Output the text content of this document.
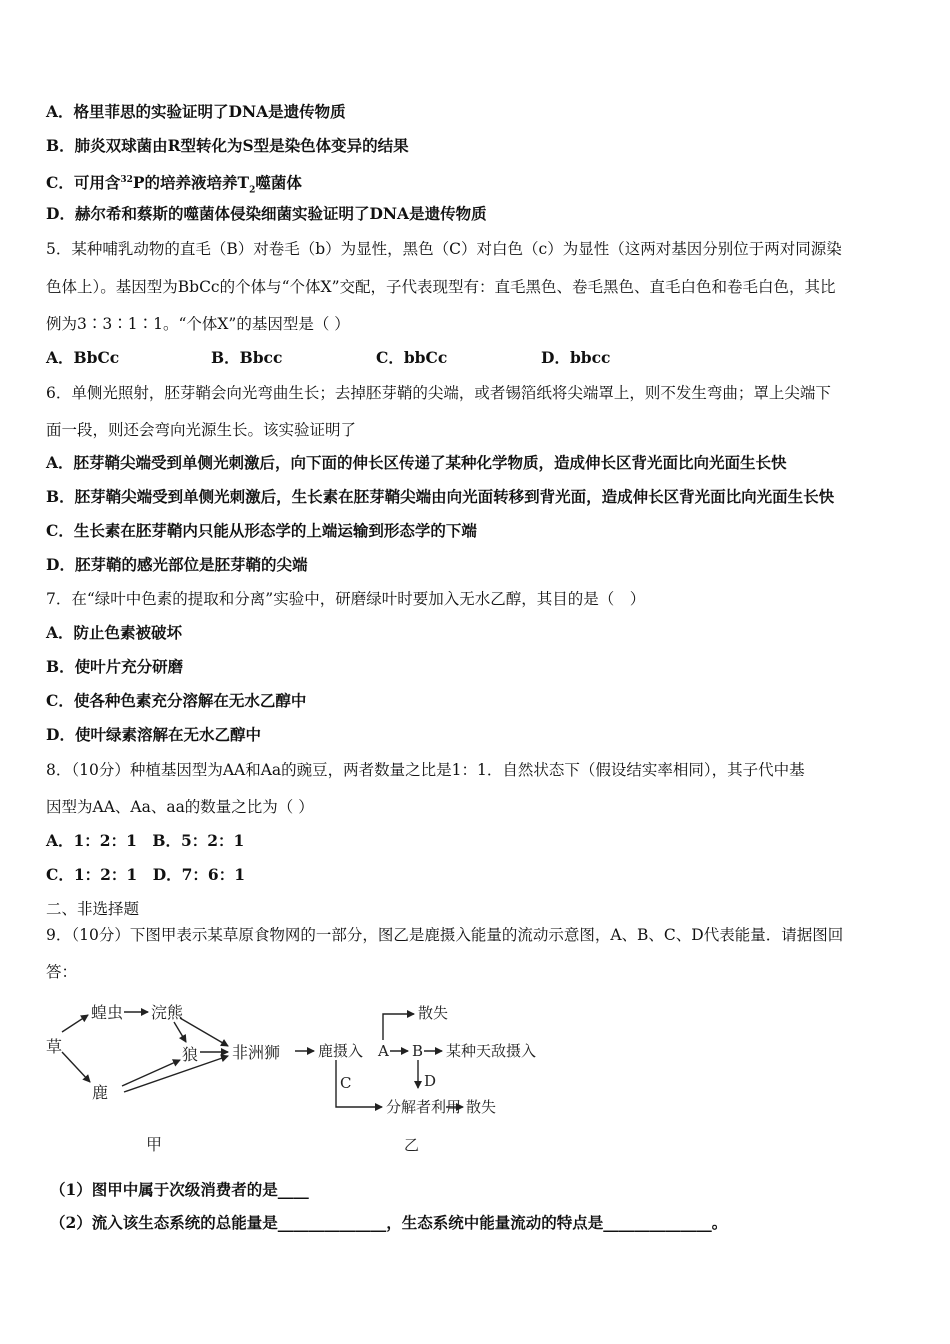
A．格里菲思的实验证明了DNA是遗传物质
B．肺炎双球菌由R型转化为S型是染色体变异的结果
C．可用含$^{32}$P的培养液培养$T_2$噬菌体
D．赫尔希和蔡斯的噬菌体侵染细菌实验证明了DNA是遗传物质
5．某种哺乳动物的直毛（B）对卷毛（b）为显性，黑色（C）对白色（c）为显性（这两对基因分别位于两对同源染
色体上）。基因型为BbCc的个体与“个体X”交配，子代表现型有：直毛黑色、卷毛黑色、直毛白色和卷毛白色，其比
例为3∶3∶1∶1。“个体X”的基因型是（ ）
A．BbCc	B．Bbcc	C．bbCc	D．bbcc
6．单侧光照射，胚芽鞘会向光弯曲生长；去掉胚芽鞘的尖端，或者锡箔纸将尖端罩上，则不发生弯曲；罩上尖端下
面一段，则还会弯向光源生长。该实验证明了
A．胚芽鞘尖端受到单侧光刺激后，向下面的伸长区传递了某种化学物质，造成伸长区背光面比向光面生长快
B．胚芽鞘尖端受到单侧光刺激后，生长素在胚芽鞘尖端由向光面转移到背光面，造成伸长区背光面比向光面生长快
C．生长素在胚芽鞘内只能从形态学的上端运输到形态学的下端
D．胚芽鞘的感光部位是胚芽鞘的尖端
7．在“绿叶中色素的提取和分离”实验中，研磨绿叶时要加入无水乙醇，其目的是（　）
A．防止色素被破坏
B．使叶片充分研磨
C．使各种色素充分溶解在无水乙醇中
D．使叶绿素溶解在无水乙醇中
8．（10分）种植基因型为AA和Aa的豌豆，两者数量之比是1：1．自然状态下（假设结实率相同），其子代中基
因型为AA、Aa、aa的数量之比为（ ）
A．1：2：1　B．5：2：1
C．1：2：1　D．7：6：1
二、非选择题
9．（10分）下图甲表示某草原食物网的一部分，图乙是鹿摄入能量的流动示意图，A、B、C、D代表能量．请据图回
答：
草
蝗虫
鹿
浣熊
狼 非洲狮
甲
鹿摄入 A B 某种天敌摄入
散失
C	D
分解者利用 散失
乙
（1）图甲中属于次级消费者的是____
（2）流入该生态系统的总能量是______________，生态系统中能量流动的特点是______________。
